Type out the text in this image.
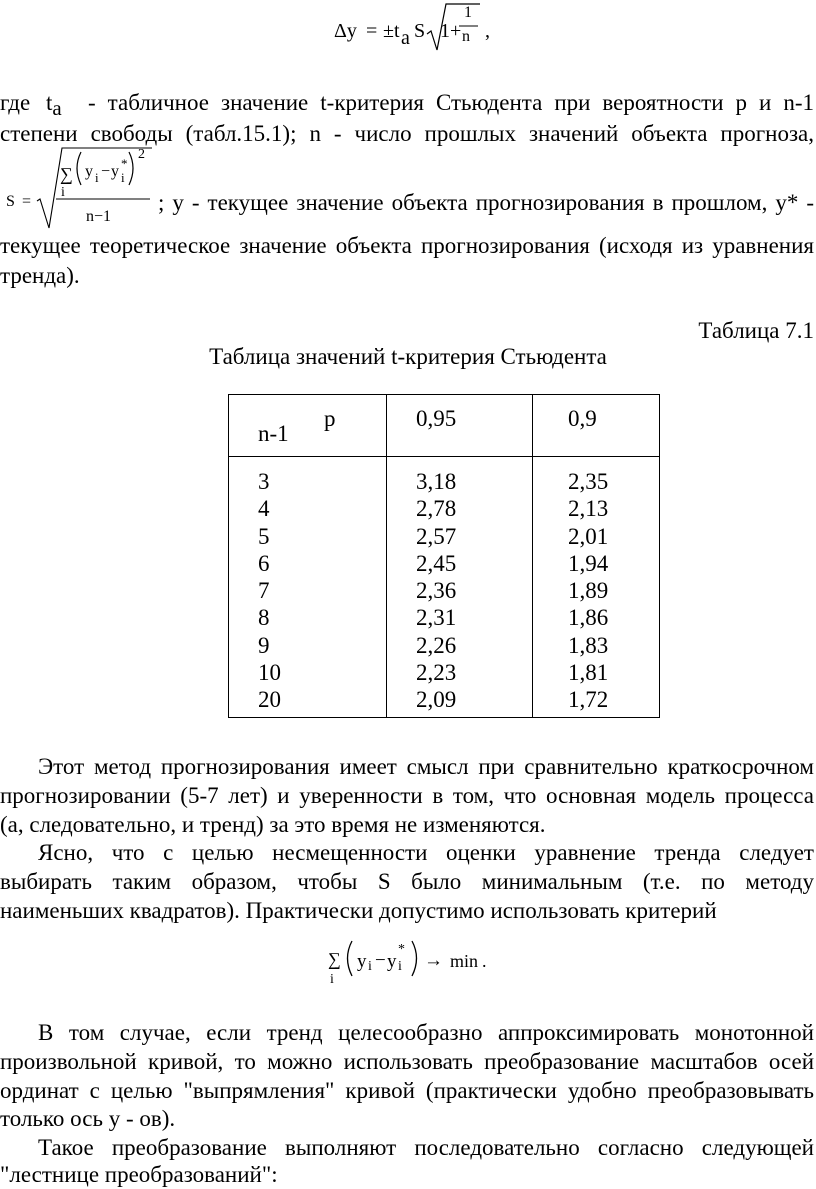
Δy = ±t a S 1+
1
n ,
где ta - табличное значение t-критерия Стьюдента при вероятности р и n-1
степени свободы (табл.15.1); n - число прошлых значений объекта прогноза,
S =
∑
i
y i − y *
i
2
n−1
; y - текущее значение объекта прогнозирования в прошлом, y* -
текущее теоретическое значение объекта прогнозирования (исходя из уравнения
тренда).
Таблица 7.1
Таблица значений t-критерия Стьюдента
n-1
p	0,95	0,9
3
4
5
6
7
8
9
10
20
3,18
2,78
2,57
2,45
2,36
2,31
2,26
2,23
2,09
2,35
2,13
2,01
1,94
1,89
1,86
1,83
1,81
1,72
Этот метод прогнозирования имеет смысл при сравнительно краткосрочном
прогнозировании (5-7 лет) и уверенности в том, что основная модель процесса
(а, следовательно, и тренд) за это время не изменяются.
Ясно, что с целью несмещенности оценки уравнение тренда следует
выбирать таким образом, чтобы S было минимальным (т.е. по методу
наименьших квадратов). Практически допустимо использовать критерий
∑
i
y i − y
*
i → min .
В том случае, если тренд целесообразно аппроксимировать монотонной
произвольной кривой, то можно использовать преобразование масштабов осей
ординат с целью "выпрямления" кривой (практически удобно преобразовывать
только ось y - ов).
Такое преобразование выполняют последовательно согласно следующей
"лестнице преобразований":
